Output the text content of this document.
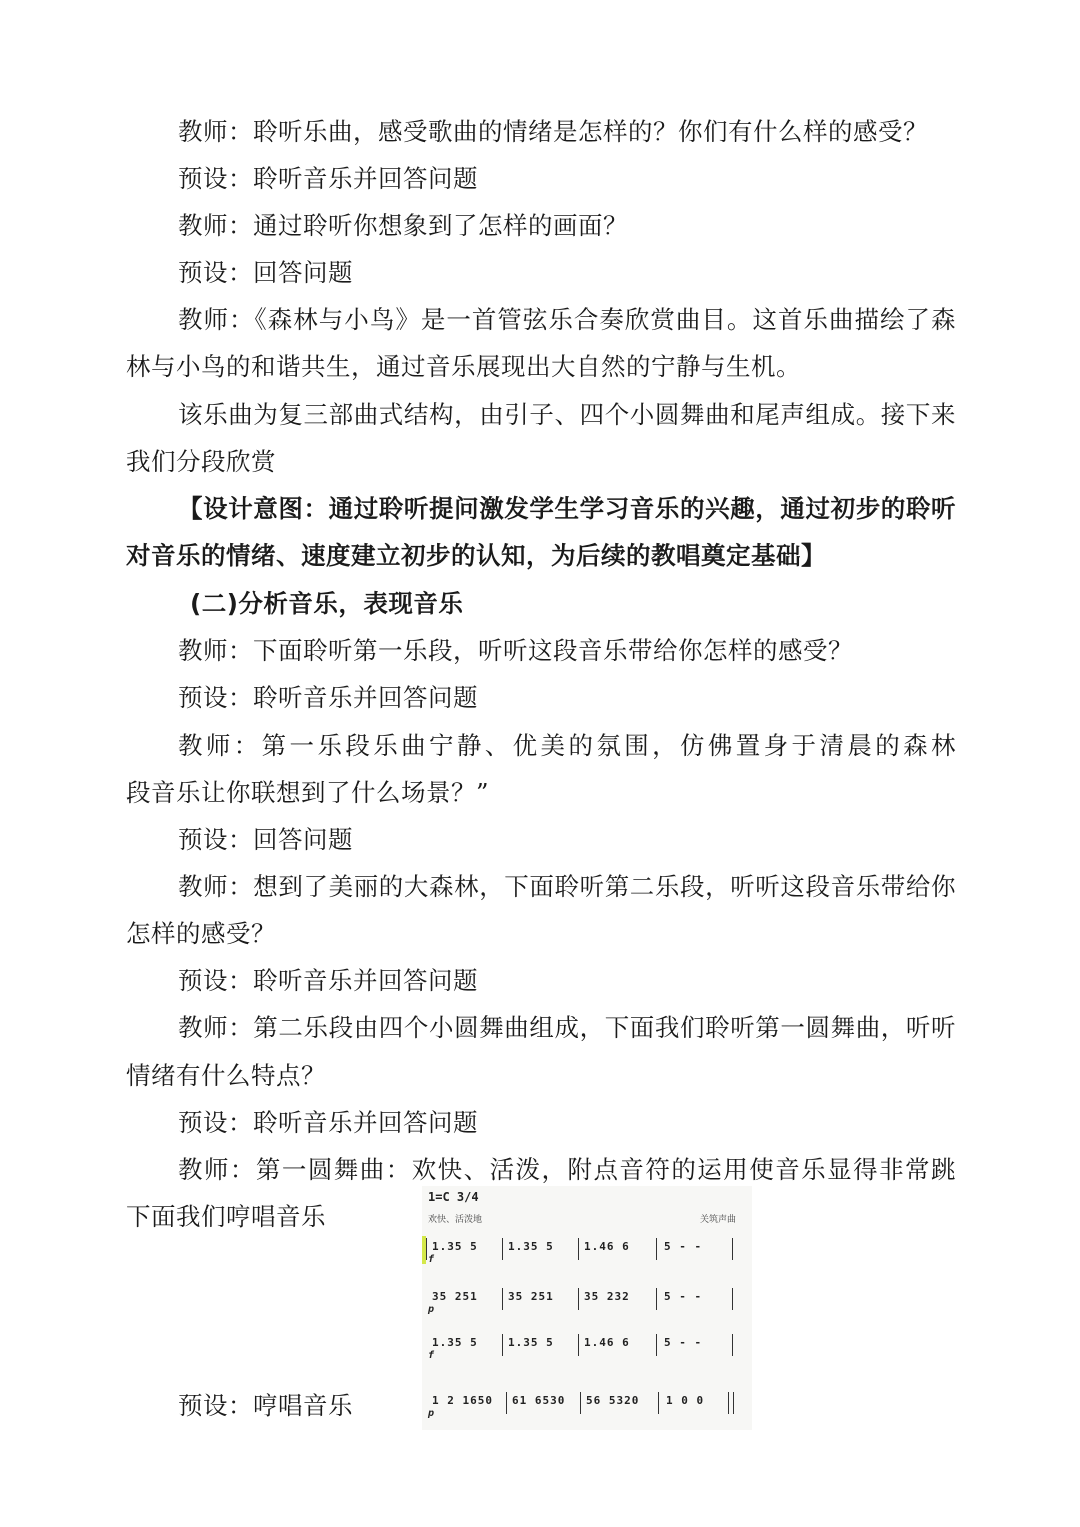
教师：聆听乐曲，感受歌曲的情绪是怎样的？你们有什么样的感受？

预设：聆听音乐并回答问题

教师：通过聆听你想象到了怎样的画面？

预设：回答问题

教师：《森林与小鸟》是一首管弦乐合奏欣赏曲目。这首乐曲描绘了森

林与小鸟的和谐共生，通过音乐展现出大自然的宁静与生机。

该乐曲为复三部曲式结构，由引子、四个小圆舞曲和尾声组成。接下来

我们分段欣赏

【设计意图：通过聆听提问激发学生学习音乐的兴趣，通过初步的聆听

对音乐的情绪、速度建立初步的认知，为后续的教唱奠定基础】

(二)分析音乐，表现音乐

教师：下面聆听第一乐段，听听这段音乐带给你怎样的感受？

预设：聆听音乐并回答问题

教师：第一乐段乐曲宁静、优美的氛围，仿佛置身于清晨的森林

段音乐让你联想到了什么场景？”

预设：回答问题

教师：想到了美丽的大森林，下面聆听第二乐段，听听这段音乐带给你

怎样的感受？

预设：聆听音乐并回答问题

教师：第二乐段由四个小圆舞曲组成，下面我们聆听第一圆舞曲，听听

情绪有什么特点？

预设：聆听音乐并回答问题

教师：第一圆舞曲：欢快、活泼，附点音符的运用使音乐显得非常跳

下面我们哼唱音乐

预设：哼唱音乐

1=C 3/4
欢快、活泼地	关筑声曲
f
1.35 5	1.35 5	1.46 6	5 - -
p
35 251	35 251	35 232	5 - -
f
1.35 5	1.35 5	1.46 6	5 - -
p
1 2 1650 61 6530 56 5320 1 0 0
